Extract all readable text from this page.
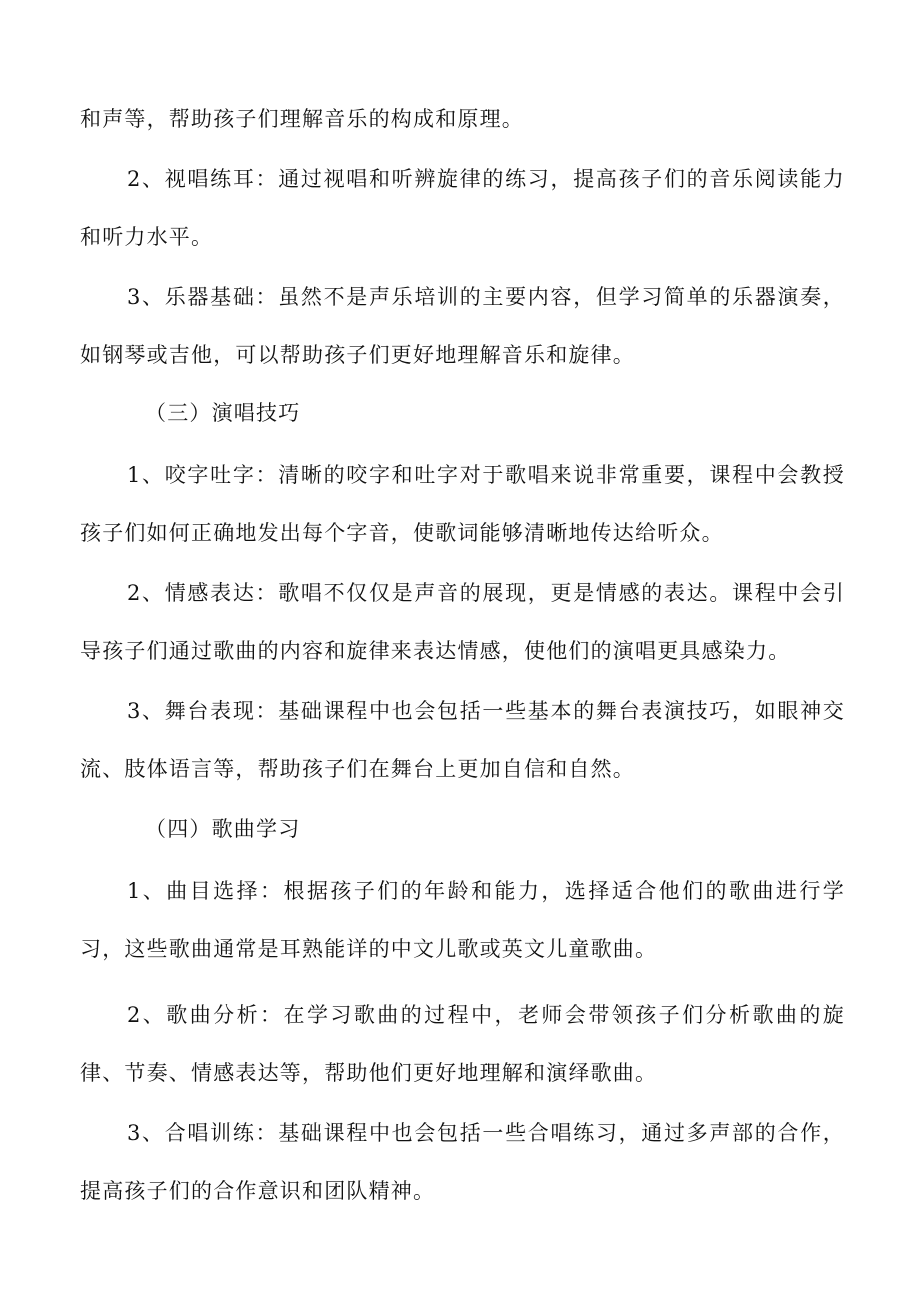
和声等，帮助孩子们理解音乐的构成和原理。

2、视唱练耳：通过视唱和听辨旋律的练习，提高孩子们的音乐阅读能力和听力水平。

3、乐器基础：虽然不是声乐培训的主要内容，但学习简单的乐器演奏，如钢琴或吉他，可以帮助孩子们更好地理解音乐和旋律。

（三）演唱技巧

1、咬字吐字：清晰的咬字和吐字对于歌唱来说非常重要，课程中会教授孩子们如何正确地发出每个字音，使歌词能够清晰地传达给听众。

2、情感表达：歌唱不仅仅是声音的展现，更是情感的表达。课程中会引导孩子们通过歌曲的内容和旋律来表达情感，使他们的演唱更具感染力。

3、舞台表现：基础课程中也会包括一些基本的舞台表演技巧，如眼神交流、肢体语言等，帮助孩子们在舞台上更加自信和自然。

（四）歌曲学习

1、曲目选择：根据孩子们的年龄和能力，选择适合他们的歌曲进行学习，这些歌曲通常是耳熟能详的中文儿歌或英文儿童歌曲。

2、歌曲分析：在学习歌曲的过程中，老师会带领孩子们分析歌曲的旋律、节奏、情感表达等，帮助他们更好地理解和演绎歌曲。

3、合唱训练：基础课程中也会包括一些合唱练习，通过多声部的合作，提高孩子们的合作意识和团队精神。
